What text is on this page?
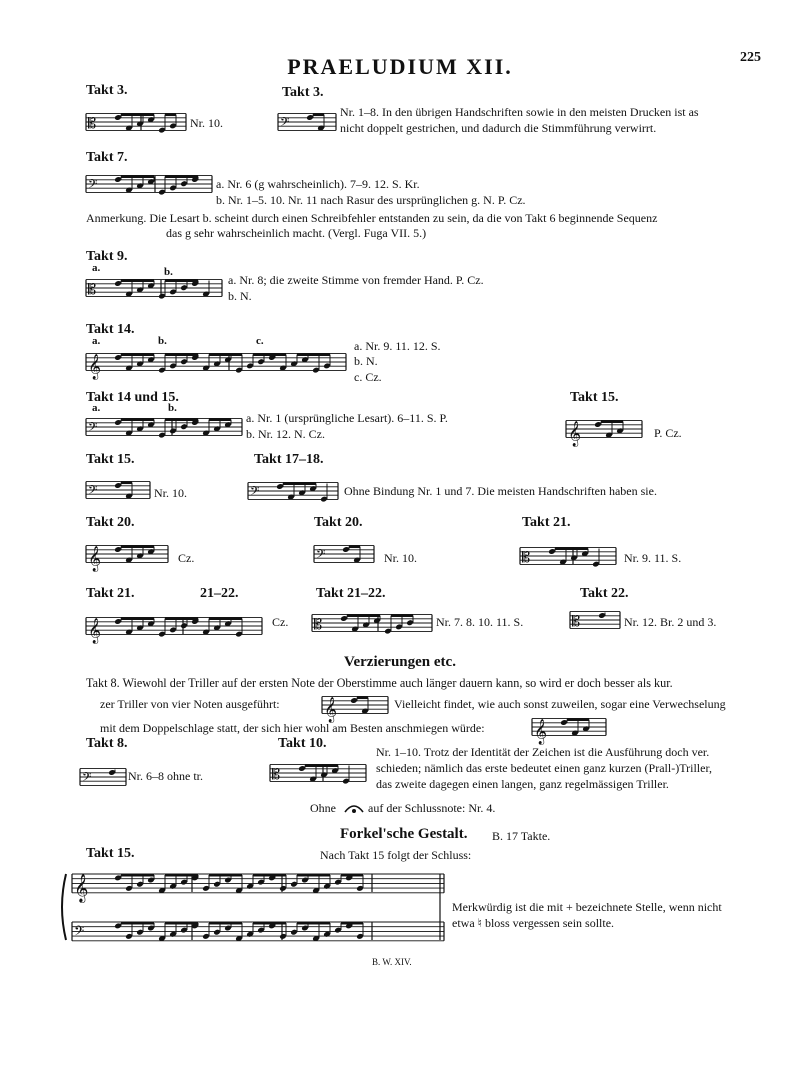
PRAELUDIUM XII.	225
Takt 3.
𝄡	Nr. 10.
Takt 3.
𝄢
Nr. 1–8. In den übrigen Handschriften sowie in den meisten Drucken ist as
nicht doppelt gestrichen, und dadurch die Stimmführung verwirrt.
Takt 7.
𝄢	a. Nr. 6 (g wahrscheinlich). 7–9. 12. S. Kr.
b. Nr. 1–5. 10. Nr. 11 nach Rasur des ursprünglichen g. N. P. Cz.
Anmerkung. Die Lesart b. scheint durch einen Schreibfehler entstanden zu sein, da die von Takt 6 beginnende Sequenz
das g sehr wahrscheinlich macht. (Vergl. Fuga VII. 5.)
Takt 9.
a.	b.
𝄡
a. Nr. 8; die zweite Stimme von fremder Hand. P. Cz.
b. N.
Takt 14.
a.	b.	c.
𝄞
a. Nr. 9. 11. 12. S.
b. N.
c. Cz.
Takt 14 und 15.
a.	b.
𝄢
a. Nr. 1 (ursprüngliche Lesart). 6–11. S. P.
b. Nr. 12. N. Cz.
Takt 15.
𝄞	P. Cz.
Takt 15.
𝄢	Nr. 10.
Takt 17–18.
𝄢	Ohne Bindung Nr. 1 und 7. Die meisten Handschriften haben sie.
Takt 20.
𝄞	Cz.
Takt 20.
𝄢	Nr. 10.
Takt 21.
𝄡	Nr. 9. 11. S.
Takt 21.	21–22.
𝄞	Cz.
Takt 21–22.
𝄡	Nr. 7. 8. 10. 11. S.
Takt 22.
𝄡	Nr. 12. Br. 2 und 3.
Verzierungen etc.
Takt 8. Wiewohl der Triller auf der ersten Note der Oberstimme auch länger dauern kann, so wird er doch besser als kur.
zer Triller von vier Noten ausgeführt: 𝄞	Vielleicht findet, wie auch sonst zuweilen, sogar eine Verwechselung
mit dem Doppelschlage statt, der sich hier wohl am Besten anschmiegen würde: 𝄞
Takt 8.
𝄢	Nr. 6–8 ohne tr.
Takt 10.
𝄡
Nr. 1–10. Trotz der Identität der Zeichen ist die Ausführung doch ver.
schieden; nämlich das erste bedeutet einen ganz kurzen (Prall-)Triller,
das zweite dagegen einen langen, ganz regelmässigen Triller.
Ohne	auf der Schlussnote: Nr. 4.
Forkel'sche Gestalt. B. 17 Takte.
Takt 15.	Nach Takt 15 folgt der Schluss:
𝄞
𝄢
Merkwürdig ist die mit + bezeichnete Stelle, wenn nicht
etwa ♮ bloss vergessen sein sollte.
B. W. XIV.
